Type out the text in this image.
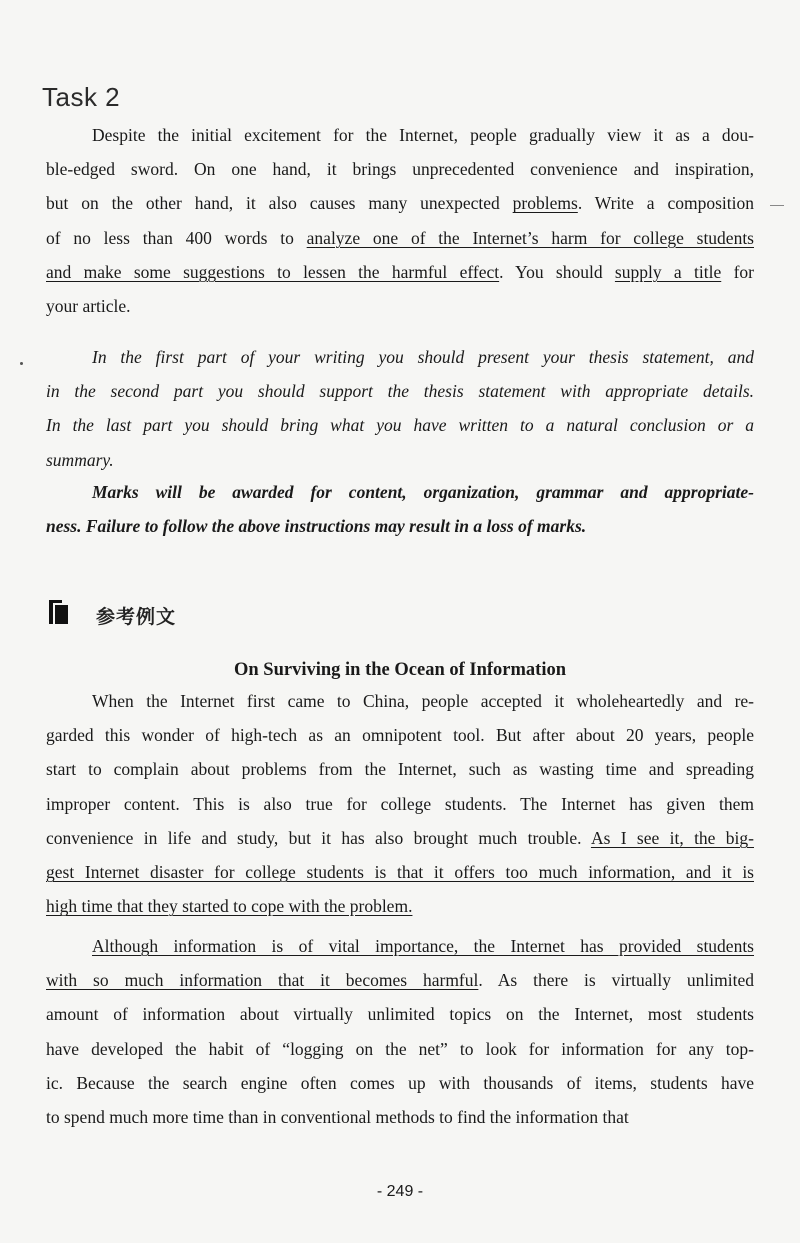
Task 2
Despite the initial excitement for the Internet, people gradually view it as a dou-
ble-edged sword. On one hand, it brings unprecedented convenience and inspiration,
but on the other hand, it also causes many unexpected problems. Write a composition
of no less than 400 words to analyze one of the Internet’s harm for college students
and make some suggestions to lessen the harmful effect. You should supply a title for
your article.
In the first part of your writing you should present your thesis statement, and
in the second part you should support the thesis statement with appropriate details.
In the last part you should bring what you have written to a natural conclusion or a
summary.
Marks will be awarded for content, organization, grammar and appropriate-
ness. Failure to follow the above instructions may result in a loss of marks.
参考例文
On Surviving in the Ocean of Information
When the Internet first came to China, people accepted it wholeheartedly and re-
garded this wonder of high-tech as an omnipotent tool. But after about 20 years, people
start to complain about problems from the Internet, such as wasting time and spreading
improper content. This is also true for college students. The Internet has given them
convenience in life and study, but it has also brought much trouble. As I see it, the big-
gest Internet disaster for college students is that it offers too much information, and it is
high time that they started to cope with the problem.
Although information is of vital importance, the Internet has provided students
with so much information that it becomes harmful. As there is virtually unlimited
amount of information about virtually unlimited topics on the Internet, most students
have developed the habit of “logging on the net” to look for information for any top-
ic. Because the search engine often comes up with thousands of items, students have
to spend much more time than in conventional methods to find the information that
- 249 -
